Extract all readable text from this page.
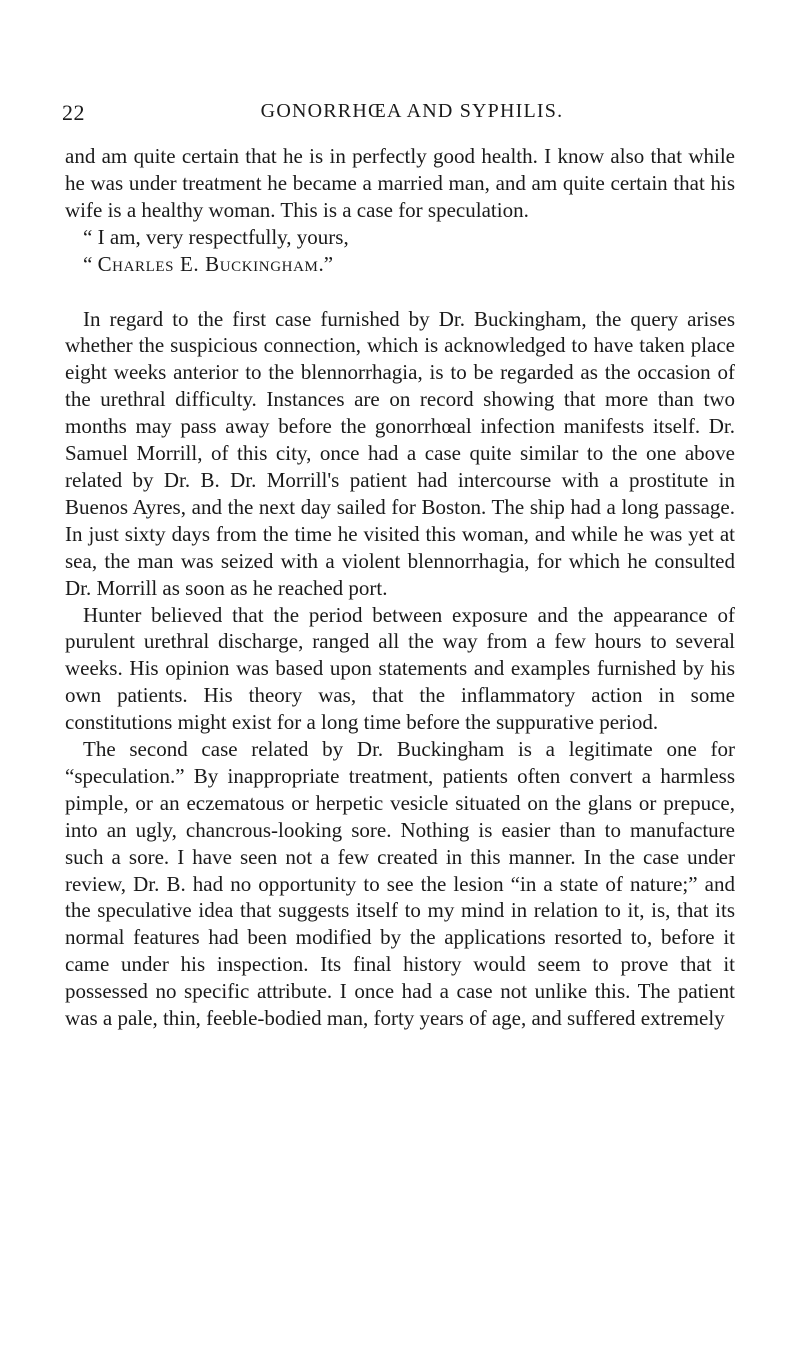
22	GONORRHŒA AND SYPHILIS.

and am quite certain that he is in perfectly good health. I know also that while he was under treatment he became a married man, and am quite certain that his wife is a healthy woman. This is a case for speculation.

“ I am, very respectfully, yours,

“ Charles E. Buckingham.”

In regard to the first case furnished by Dr. Buckingham, the query arises whether the suspicious connection, which is acknowledged to have taken place eight weeks anterior to the blennorrhagia, is to be regarded as the occasion of the urethral difficulty. Instances are on record showing that more than two months may pass away before the gonorrhœal infection manifests itself. Dr. Samuel Morrill, of this city, once had a case quite similar to the one above related by Dr. B. Dr. Morrill's patient had intercourse with a prostitute in Buenos Ayres, and the next day sailed for Boston. The ship had a long passage. In just sixty days from the time he visited this woman, and while he was yet at sea, the man was seized with a violent blennorrhagia, for which he consulted Dr. Morrill as soon as he reached port.

Hunter believed that the period between exposure and the appearance of purulent urethral discharge, ranged all the way from a few hours to several weeks. His opinion was based upon statements and examples furnished by his own patients. His theory was, that the inflammatory action in some constitutions might exist for a long time before the suppurative period.

The second case related by Dr. Buckingham is a legitimate one for “speculation.” By inappropriate treatment, patients often convert a harmless pimple, or an eczematous or herpetic vesicle situated on the glans or prepuce, into an ugly, chancrous-looking sore. Nothing is easier than to manufacture such a sore. I have seen not a few created in this manner. In the case under review, Dr. B. had no opportunity to see the lesion “in a state of nature;” and the speculative idea that suggests itself to my mind in relation to it, is, that its normal features had been modified by the applications resorted to, before it came under his inspection. Its final history would seem to prove that it possessed no specific attribute. I once had a case not unlike this. The patient was a pale, thin, feeble-bodied man, forty years of age, and suffered extremely
